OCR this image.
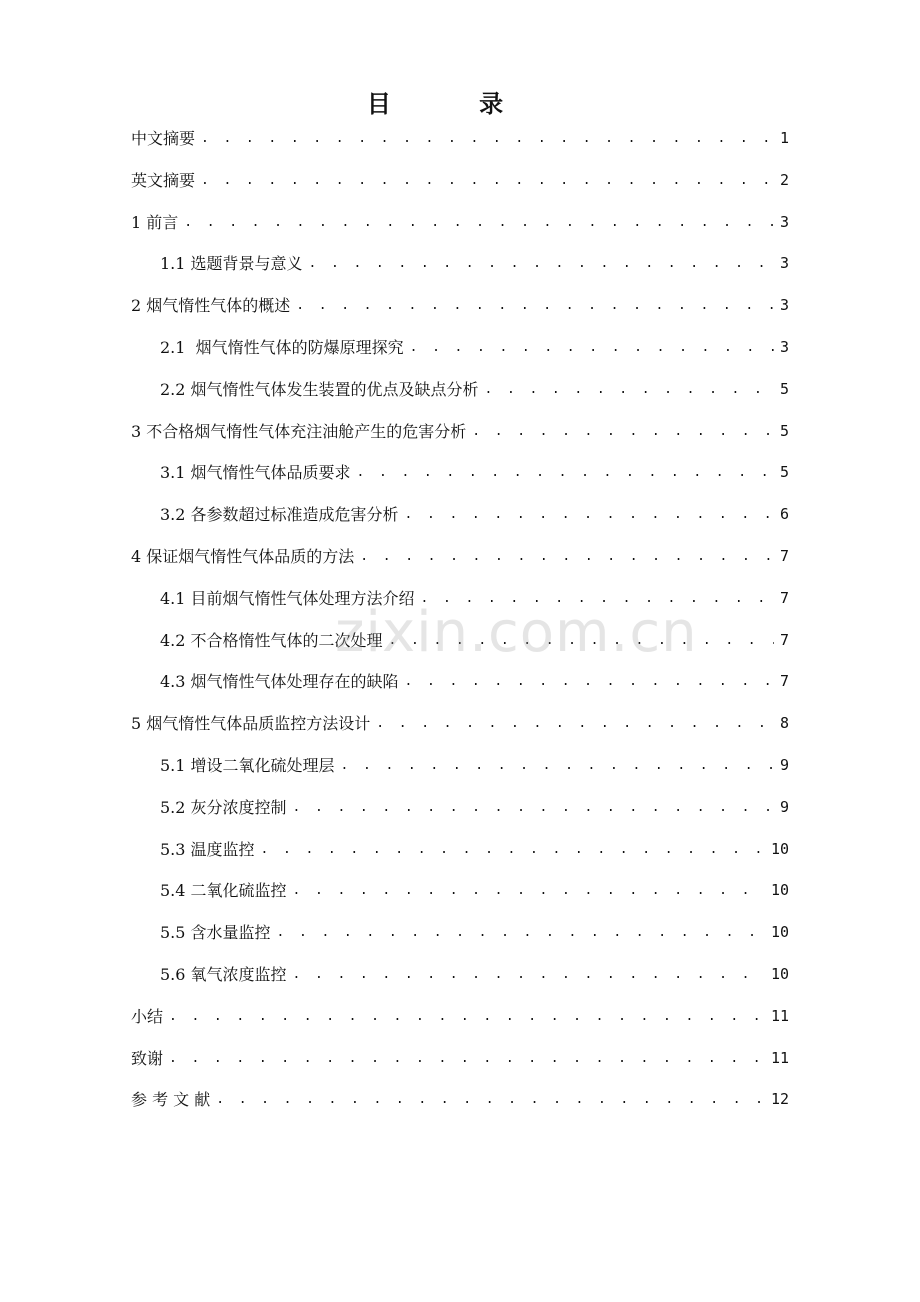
目 录
中文摘要 . . .	1
英文摘要 . . .	2
1 前言 . . .	3
1.1 选题背景与意义 . . .	3
2 烟气惰性气体的概述 . . .	3
2.1  烟气惰性气体的防爆原理探究 . . .	3
2.2 烟气惰性气体发生装置的优点及缺点分析 . . .	5
3 不合格烟气惰性气体充注油舱产生的危害分析 . . .	5
3.1 烟气惰性气体品质要求 . . .	5
3.2 各参数超过标准造成危害分析 . . .	6
4 保证烟气惰性气体品质的方法 . . .	7
4.1 目前烟气惰性气体处理方法介绍 . . .	7
4.2 不合格惰性气体的二次处理 . . .	7
4.3 烟气惰性气体处理存在的缺陷 . . .	7
5 烟气惰性气体品质监控方法设计 . . .	8
5.1 增设二氧化硫处理层 . . .	9
5.2 灰分浓度控制 . . .	9
5.3 温度监控 . . .	10
5.4 二氧化硫监控 . . .	10
5.5 含水量监控 . . .	10
5.6 氧气浓度监控 . . .	10
小结 . . .	11
致谢 . . .	11
参 考 文 献 . . .	12
zixin.com.cn
